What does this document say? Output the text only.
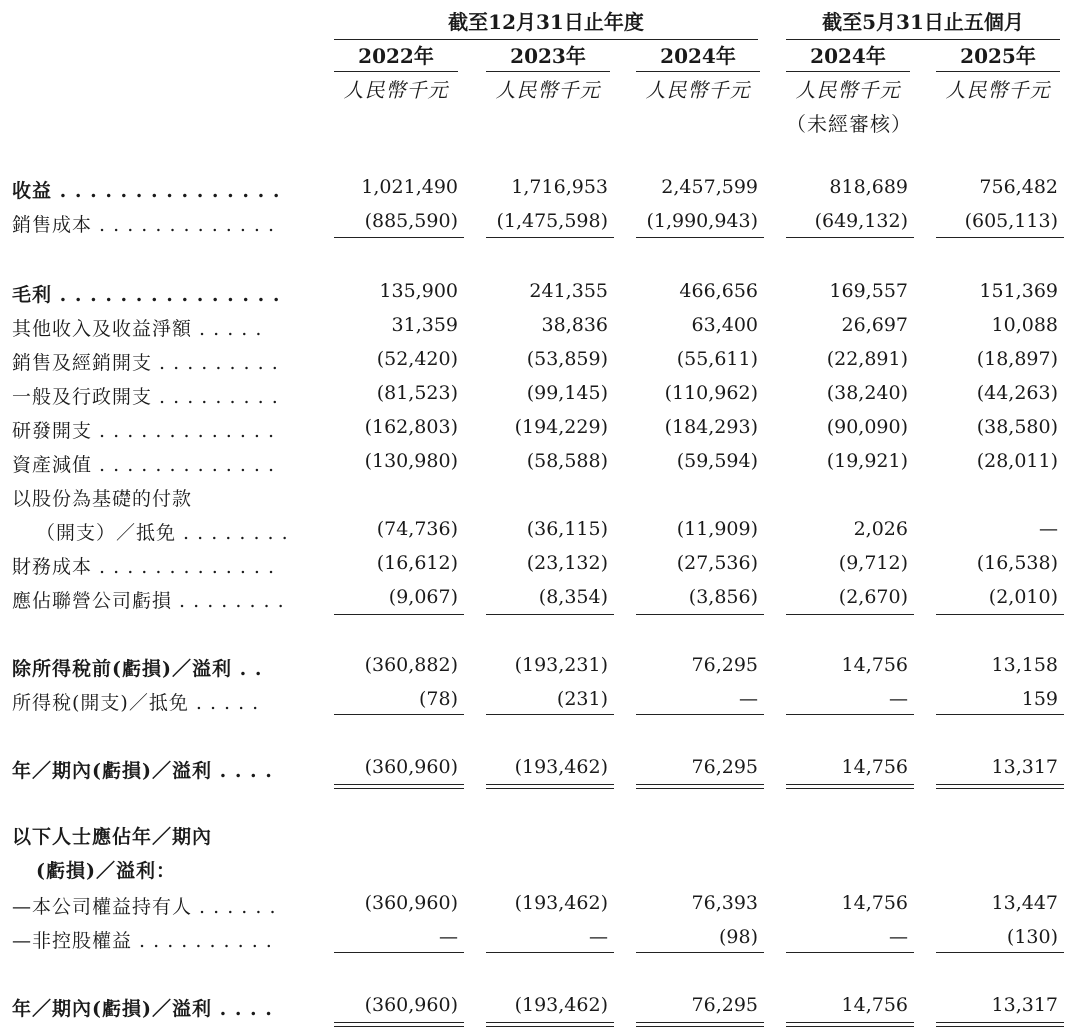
截至12月31日止年度	截至5月31日止五個月
2022年	2023年	2024年	2024年	2025年
人民幣千元	人民幣千元	人民幣千元	人民幣千元	人民幣千元
（未經審核）
收益 . . . . . . . . . . . . . . .	1,021,490	1,716,953	2,457,599	818,689	756,482
銷售成本 . . . . . . . . . . . . .	(885,590)	(1,475,598)	(1,990,943)	(649,132)	(605,113)
毛利 . . . . . . . . . . . . . . .	135,900	241,355	466,656	169,557	151,369
其他收入及收益淨額 . . . . .	31,359	38,836	63,400	26,697	10,088
銷售及經銷開支 . . . . . . . . .	(52,420)	(53,859)	(55,611)	(22,891)	(18,897)
一般及行政開支 . . . . . . . . .	(81,523)	(99,145)	(110,962)	(38,240)	(44,263)
研發開支 . . . . . . . . . . . . .	(162,803)	(194,229)	(184,293)	(90,090)	(38,580)
資產減值 . . . . . . . . . . . . .	(130,980)	(58,588)	(59,594)	(19,921)	(28,011)
以股份為基礎的付款
（開支）／抵免 . . . . . . . .	(74,736)	(36,115)	(11,909)	2,026	—
財務成本 . . . . . . . . . . . . .	(16,612)	(23,132)	(27,536)	(9,712)	(16,538)
應佔聯營公司虧損 . . . . . . . .	(9,067)	(8,354)	(3,856)	(2,670)	(2,010)
除所得稅前(虧損)／溢利 . .	(360,882)	(193,231)	76,295	14,756	13,158
所得稅(開支)／抵免 . . . . .	(78)	(231)	—	—	159
年／期內(虧損)／溢利 . . . .	(360,960)	(193,462)	76,295	14,756	13,317
以下人士應佔年／期內
(虧損)／溢利：
—本公司權益持有人 . . . . . .	(360,960)	(193,462)	76,393	14,756	13,447
—非控股權益 . . . . . . . . . .	—	—	(98)	—	(130)
年／期內(虧損)／溢利 . . . .	(360,960)	(193,462)	76,295	14,756	13,317
